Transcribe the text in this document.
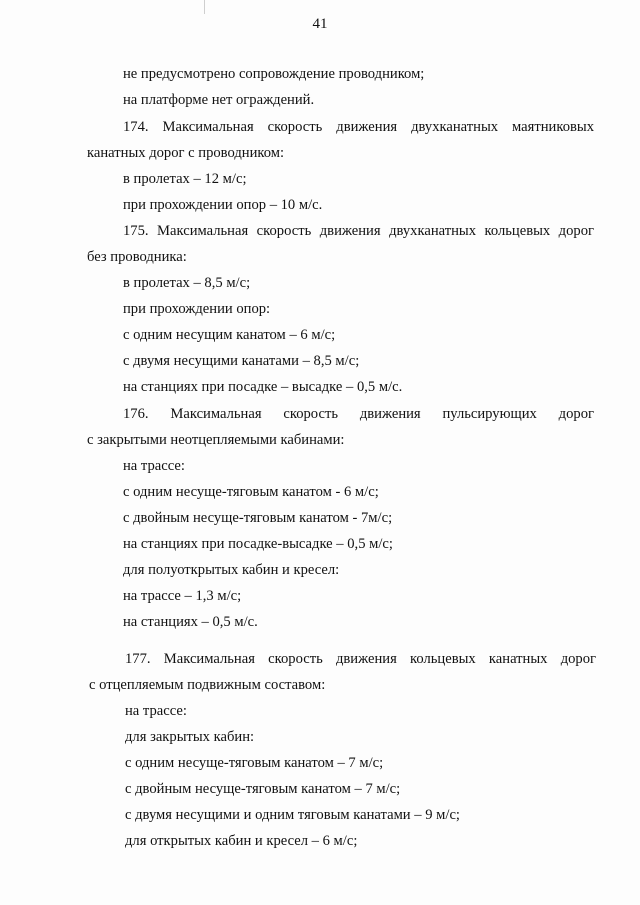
41
не предусмотрено сопровождение проводником;
на платформе нет ограждений.
174. Максимальная скорость движения двухканатных маятниковых
канатных дорог с проводником:
в пролетах – 12 м/с;
при прохождении опор – 10 м/с.
175. Максимальная скорость движения двухканатных кольцевых дорог
без проводника:
в пролетах – 8,5 м/с;
при прохождении опор:
с одним несущим канатом – 6 м/с;
с двумя несущими канатами – 8,5 м/с;
на станциях при посадке – высадке – 0,5 м/с.
176. Максимальная скорость движения пульсирующих дорог
с закрытыми неотцепляемыми кабинами:
на трассе:
с одним несуще-тяговым канатом - 6 м/с;
с двойным несуще-тяговым канатом - 7м/с;
на станциях при посадке-высадке – 0,5 м/с;
для полуоткрытых кабин и кресел:
на трассе – 1,3 м/с;
на станциях – 0,5 м/с.
177. Максимальная скорость движения кольцевых канатных дорог
с отцепляемым подвижным составом:
на трассе:
для закрытых кабин:
с одним несуще-тяговым канатом – 7 м/с;
с двойным несуще-тяговым канатом – 7 м/с;
с двумя несущими и одним тяговым канатами – 9 м/с;
для открытых кабин и кресел – 6 м/с;
